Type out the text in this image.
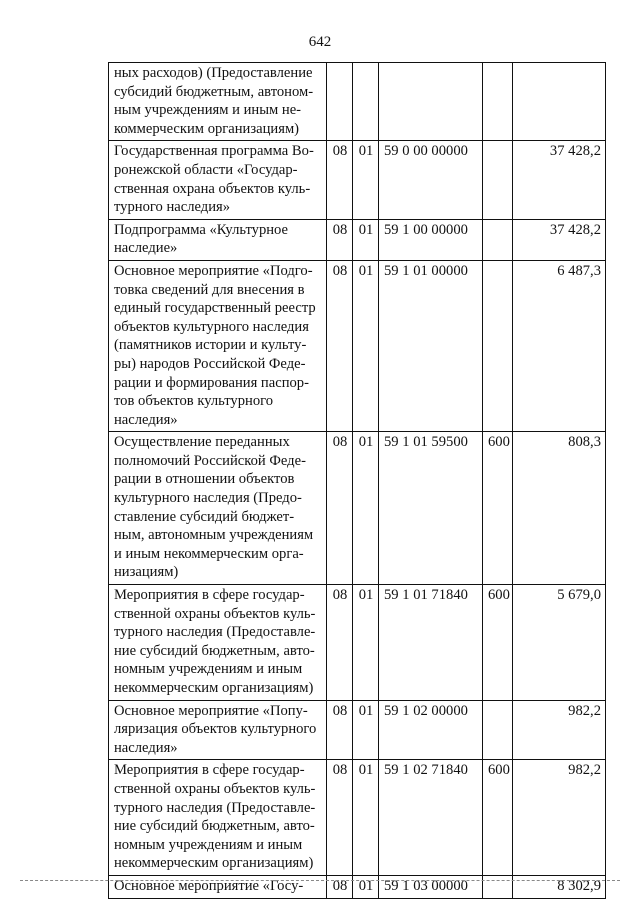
642
ных расходов) (Предоставление субсидий бюджетным, автоном-ным учреждениям и иным не-коммерческим организациям)					
Государственная программа Во-ронежской области «Государ-ственная охрана объектов куль-турного наследия»	08	01	59 0 00 00000		37 428,2
Подпрограмма «Культурное наследие»	08	01	59 1 00 00000		37 428,2
Основное мероприятие «Подго-товка сведений для внесения в единый государственный реестр объектов культурного наследия (памятников истории и культу-ры) народов Российской Феде-рации и формирования паспор-тов объектов культурного наследия»	08	01	59 1 01 00000		6 487,3
Осуществление переданных полномочий Российской Феде-рации в отношении объектов культурного наследия (Предо-ставление субсидий бюджет-ным, автономным учреждениям и иным некоммерческим орга-низациям)	08	01	59 1 01 59500	600	808,3
Мероприятия в сфере государ-ственной охраны объектов куль-турного наследия (Предоставле-ние субсидий бюджетным, авто-номным учреждениям и иным некоммерческим организациям)	08	01	59 1 01 71840	600	5 679,0
Основное мероприятие «Попу-ляризация объектов культурного наследия»	08	01	59 1 02 00000		982,2
Мероприятия в сфере государ-ственной охраны объектов куль-турного наследия (Предоставле-ние субсидий бюджетным, авто-номным учреждениям и иным некоммерческим организациям)	08	01	59 1 02 71840	600	982,2
Основное мероприятие «Госу-	08	01	59 1 03 00000		8 302,9
